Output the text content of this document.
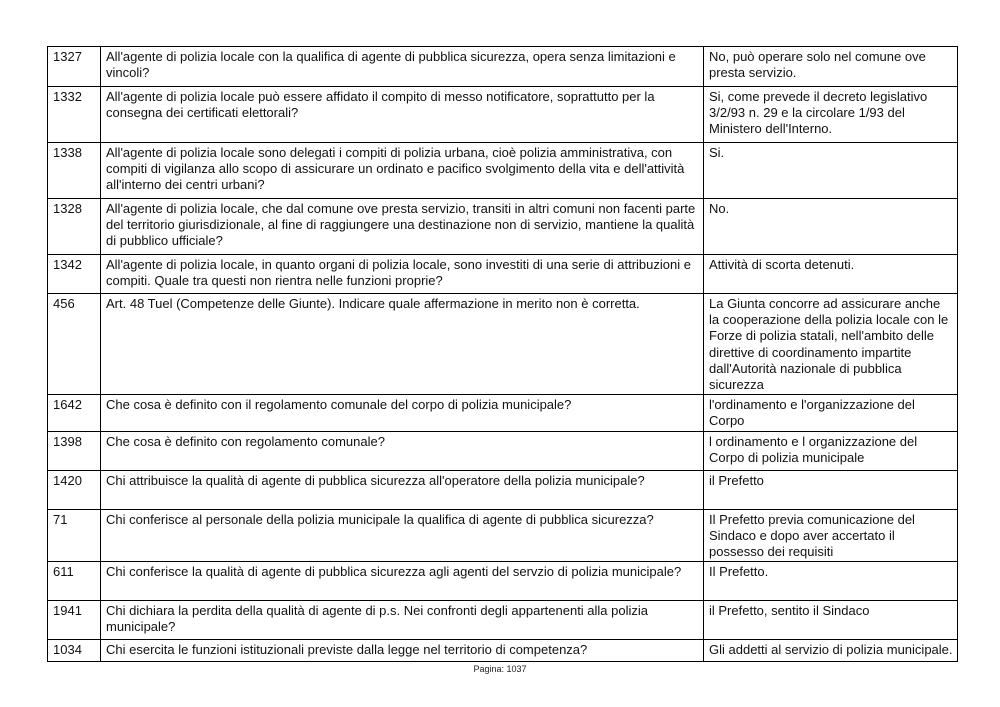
1327	All'agente di polizia locale con la qualifica di agente di pubblica sicurezza, opera senza limitazioni e vincoli?	No, può operare solo nel comune ove presta servizio.
1332	All'agente di polizia locale può essere affidato il compito di messo notificatore, soprattutto per la consegna dei certificati elettorali?	Si, come prevede il decreto legislativo 3/2/93 n. 29 e la circolare 1/93 del Ministero dell'Interno.
1338	All'agente di polizia locale sono delegati i compiti di polizia urbana, cioè polizia amministrativa, con compiti di vigilanza allo scopo di assicurare un ordinato e pacifico svolgimento della vita e dell'attività all'interno dei centri urbani?	Si.
1328	All'agente di polizia locale, che dal comune ove presta servizio, transiti in altri comuni non facenti parte del territorio giurisdizionale, al fine di raggiungere una destinazione non di servizio, mantiene la qualità di pubblico ufficiale?	No.
1342	All'agente di polizia locale, in quanto organi di polizia locale, sono investiti di una serie di attribuzioni e compiti. Quale tra questi non rientra nelle funzioni proprie?	Attività di scorta detenuti.
456	Art. 48 Tuel (Competenze delle Giunte). Indicare quale affermazione in merito non è corretta.	La Giunta concorre ad assicurare anche la cooperazione della polizia locale con le Forze di polizia statali, nell'ambito delle direttive di coordinamento impartite dall'Autorità nazionale di pubblica sicurezza
1642	Che cosa è definito con il regolamento comunale del corpo di polizia municipale?	l'ordinamento e l'organizzazione del Corpo
1398	Che cosa è definito con regolamento comunale?	l ordinamento e l organizzazione del Corpo di polizia municipale
1420	Chi attribuisce la qualità di agente di pubblica sicurezza all'operatore della polizia municipale?	il Prefetto
71	Chi conferisce al personale della polizia municipale la qualifica di agente di pubblica sicurezza?	Il Prefetto previa comunicazione del Sindaco e dopo aver accertato il possesso dei requisiti
611	Chi conferisce la qualità di agente di pubblica sicurezza agli agenti del servzio di polizia municipale?	Il Prefetto.
1941	Chi dichiara la perdita della qualità di agente di p.s. Nei confronti degli appartenenti alla polizia municipale?	il Prefetto, sentito il Sindaco
1034	Chi esercita le funzioni istituzionali previste dalla legge nel territorio di competenza?	Gli addetti al servizio di polizia municipale.
Pagina: 1037
